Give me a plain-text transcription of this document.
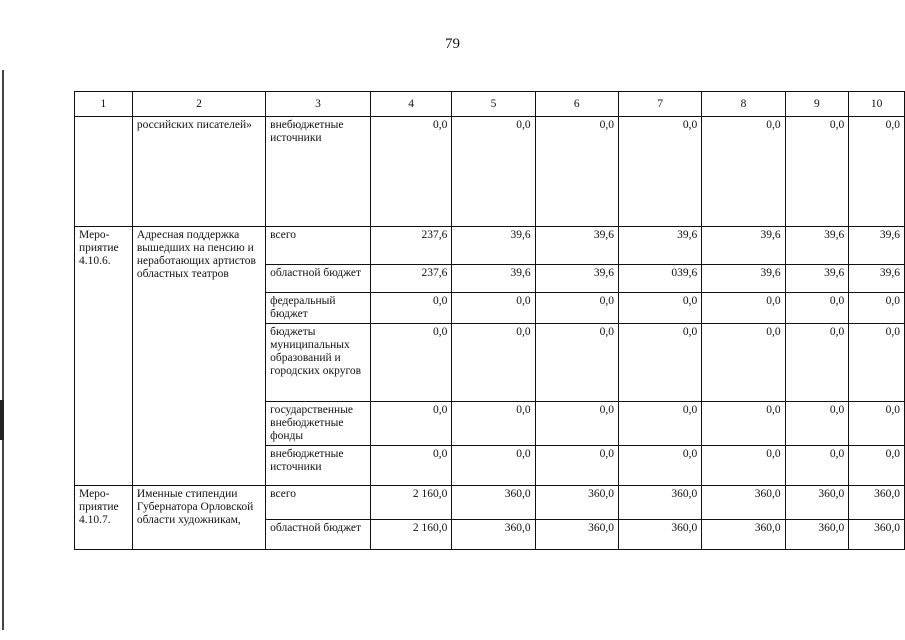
79
1	2	3	4	5	6	7	8	9	10
	российских писателей»	внебюджетные источники	0,0	0,0	0,0	0,0	0,0	0,0	0,0
Меро-приятие 4.10.6.	Адресная поддержка вышедших на пенсию и неработающих артистов областных театров	всего	237,6	39,6	39,6	39,6	39,6	39,6	39,6
		областной бюджет	237,6	39,6	39,6	039,6	39,6	39,6	39,6
		федеральный бюджет	0,0	0,0	0,0	0,0	0,0	0,0	0,0
		бюджеты муниципальных образований и городских округов	0,0	0,0	0,0	0,0	0,0	0,0	0,0
		государственные внебюджетные фонды	0,0	0,0	0,0	0,0	0,0	0,0	0,0
		внебюджетные источники	0,0	0,0	0,0	0,0	0,0	0,0	0,0
Меро-приятие 4.10.7.	Именные стипендии Губернатора Орловской области художникам,	всего	2 160,0	360,0	360,0	360,0	360,0	360,0	360,0
		областной бюджет	2 160,0	360,0	360,0	360,0	360,0	360,0	360,0
